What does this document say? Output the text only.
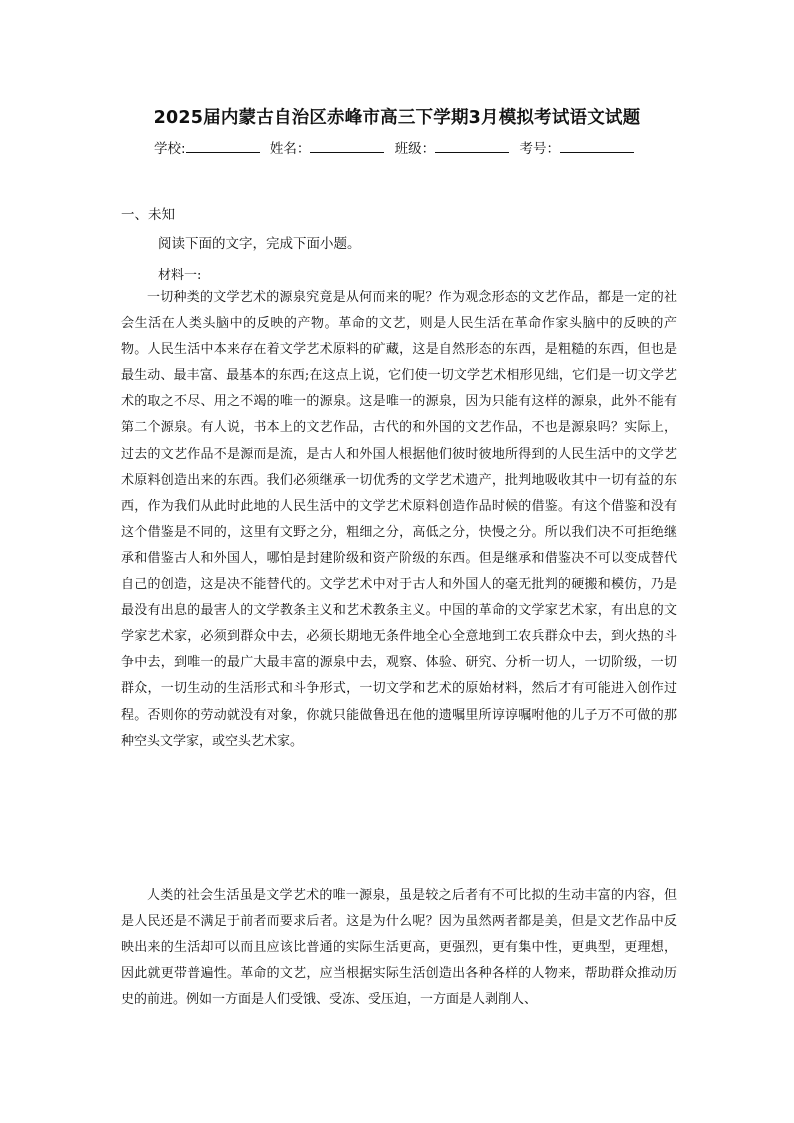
2025届内蒙古自治区赤峰市高三下学期3月模拟考试语文试题
学校:	姓名：	班级：	考号：
一、未知
阅读下面的文字，完成下面小题。
材料一:

一切种类的文学艺术的源泉究竟是从何而来的呢？作为观念形态的文艺作品，都是一定的社会生活在人类头脑中的反映的产物。革命的文艺，则是人民生活在革命作家头脑中的反映的产物。人民生活中本来存在着文学艺术原料的矿藏，这是自然形态的东西，是粗糙的东西，但也是最生动、最丰富、最基本的东西;在这点上说，它们使一切文学艺术相形见绌，它们是一切文学艺术的取之不尽、用之不竭的唯一的源泉。这是唯一的源泉，因为只能有这样的源泉，此外不能有第二个源泉。有人说，书本上的文艺作品，古代的和外国的文艺作品，不也是源泉吗？实际上，过去的文艺作品不是源而是流，是古人和外国人根据他们彼时彼地所得到的人民生活中的文学艺术原料创造出来的东西。我们必须继承一切优秀的文学艺术遗产，批判地吸收其中一切有益的东西，作为我们从此时此地的人民生活中的文学艺术原料创造作品时候的借鉴。有这个借鉴和没有这个借鉴是不同的，这里有文野之分，粗细之分，高低之分，快慢之分。所以我们决不可拒绝继承和借鉴古人和外国人，哪怕是封建阶级和资产阶级的东西。但是继承和借鉴决不可以变成替代自己的创造，这是决不能替代的。文学艺术中对于古人和外国人的毫无批判的硬搬和模仿，乃是最没有出息的最害人的文学教条主义和艺术教条主义。中国的革命的文学家艺术家，有出息的文学家艺术家，必须到群众中去，必须长期地无条件地全心全意地到工农兵群众中去，到火热的斗争中去，到唯一的最广大最丰富的源泉中去，观察、体验、研究、分析一切人，一切阶级，一切群众，一切生动的生活形式和斗争形式，一切文学和艺术的原始材料，然后才有可能进入创作过程。否则你的劳动就没有对象，你就只能做鲁迅在他的遗嘱里所谆谆嘱咐他的儿子万不可做的那种空头文学家，或空头艺术家。

人类的社会生活虽是文学艺术的唯一源泉，虽是较之后者有不可比拟的生动丰富的内容，但是人民还是不满足于前者而要求后者。这是为什么呢？因为虽然两者都是美，但是文艺作品中反映出来的生活却可以而且应该比普通的实际生活更高，更强烈，更有集中性，更典型，更理想，因此就更带普遍性。革命的文艺，应当根据实际生活创造出各种各样的人物来，帮助群众推动历史的前进。例如一方面是人们受饿、受冻、受压迫，一方面是人剥削人、
